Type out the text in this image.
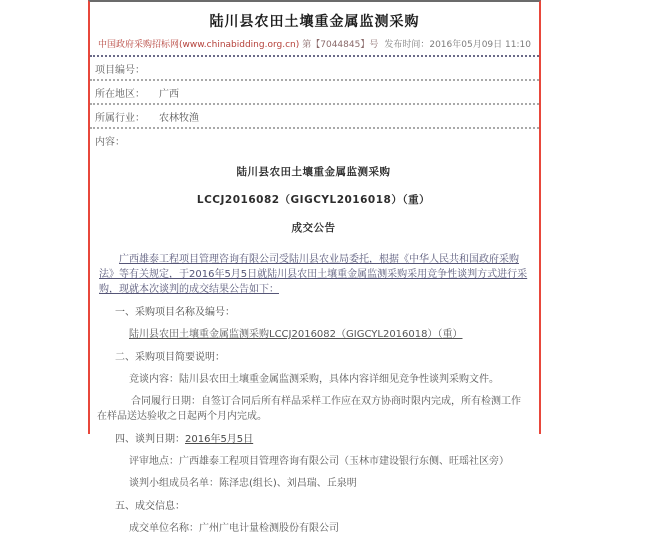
陆川县农田土壤重金属监测采购
中国政府采购招标网(www.chinabidding.org.cn) 第【7044845】号 发布时间：2016年05月09日 11:10
项目编号：
所在地区： 广西
所属行业： 农林牧渔
内容：
陆川县农田土壤重金属监测采购
LCCJ2016082（GIGCYL2016018）（重）
成交公告

广西雄泰工程项目管理咨询有限公司受陆川县农业局委托，根据《中华人民共和国政府采购法》等有关规定，于2016年5月5日就陆川县农田土壤重金属监测采购采用竞争性谈判方式进行采购，现就本次谈判的成交结果公告如下：

一、采购项目名称及编号：

陆川县农田土壤重金属监测采购LCCJ2016082（GIGCYL2016018）（重）

二、采购项目简要说明：

竞谈内容：陆川县农田土壤重金属监测采购，具体内容详细见竞争性谈判采购文件。

合同履行日期：自签订合同后所有样品采样工作应在双方协商时限内完成，所有检测工作在样品送达验收之日起两个月内完成。

四、谈判日期：2016年5月5日

评审地点：广西雄泰工程项目管理咨询有限公司（玉林市建设银行东侧、旺瑶社区旁）

谈判小组成员名单：陈泽忠(组长)、刘昌瑞、丘泉明

五、成交信息：

成交单位名称：广州广电计量检测股份有限公司
